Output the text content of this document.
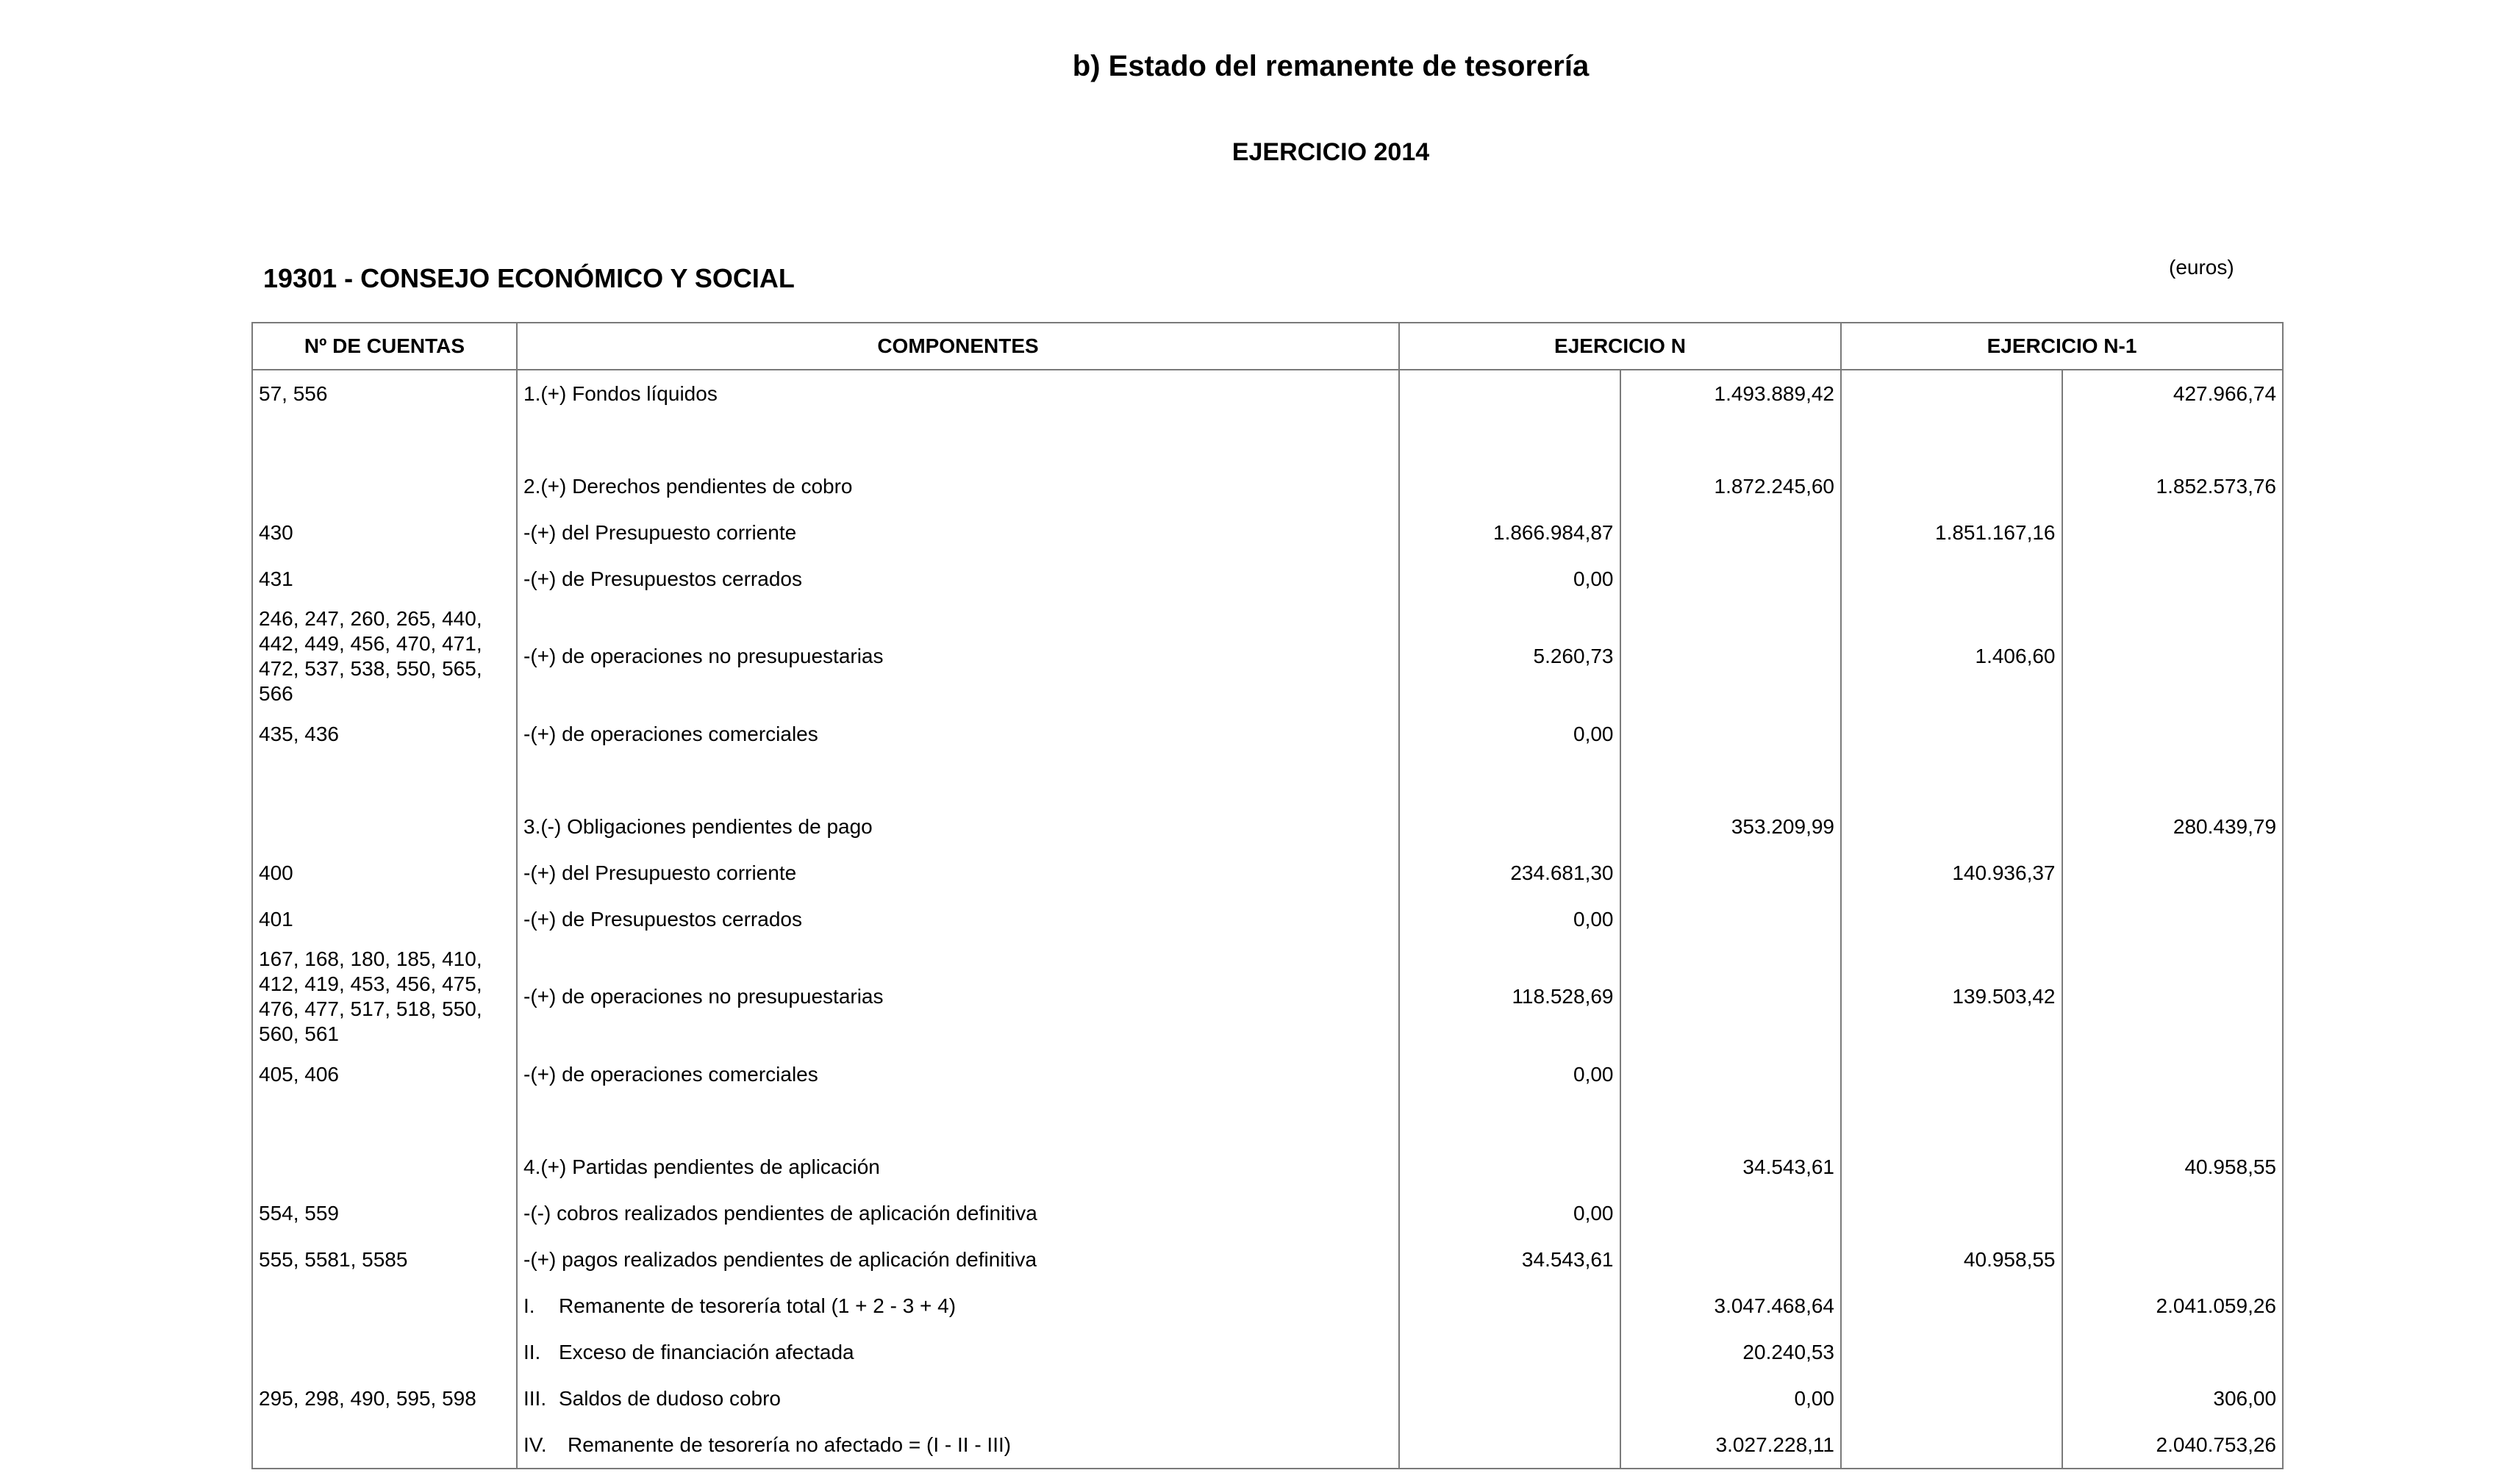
b) Estado del remanente de tesorería
EJERCICIO 2014
19301 - CONSEJO ECONÓMICO Y SOCIAL	(euros)
Nº DE CUENTAS	COMPONENTES	EJERCICIO N		EJERCICIO N-1	
57, 556	1.(+) Fondos líquidos		1.493.889,42		427.966,74

	2.(+) Derechos pendientes de cobro		1.872.245,60		1.852.573,76
430	-(+) del Presupuesto corriente	1.866.984,87		1.851.167,16	
431	-(+) de Presupuestos cerrados	0,00			
246, 247, 260, 265, 440, 442, 449, 456, 470, 471, 472, 537, 538, 550, 565, 566	-(+) de operaciones no presupuestarias	5.260,73		1.406,60	
435, 436	-(+) de operaciones comerciales	0,00			

	3.(-) Obligaciones pendientes de pago		353.209,99		280.439,79
400	-(+) del Presupuesto corriente	234.681,30		140.936,37	
401	-(+) de Presupuestos cerrados	0,00			
167, 168, 180, 185, 410, 412, 419, 453, 456, 475, 476, 477, 517, 518, 550, 560, 561	-(+) de operaciones no presupuestarias	118.528,69		139.503,42	
405, 406	-(+) de operaciones comerciales	0,00			

	4.(+) Partidas pendientes de aplicación		34.543,61		40.958,55
554, 559	-(-) cobros realizados pendientes de aplicación definitiva	0,00			
555, 5581, 5585	-(+) pagos realizados pendientes de aplicación definitiva	34.543,61		40.958,55	
	I. Remanente de tesorería total (1 + 2 - 3 + 4)		3.047.468,64		2.041.059,26
	II. Exceso de financiación afectada		20.240,53		
295, 298, 490, 595, 598	III. Saldos de dudoso cobro		0,00		306,00
	IV. Remanente de tesorería no afectado = (I - II - III)		3.027.228,11		2.040.753,26
